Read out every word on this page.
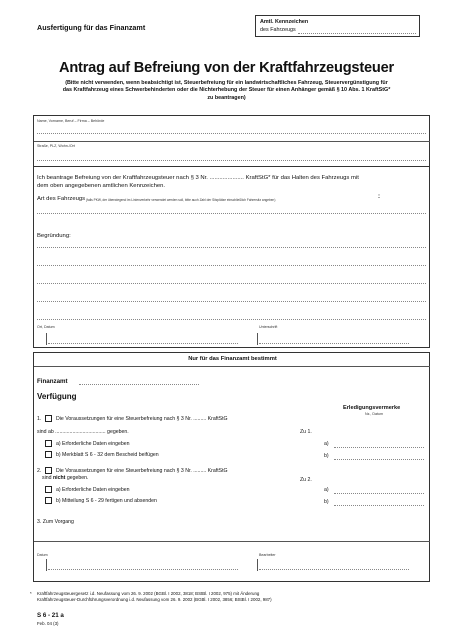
Ausfertigung für das Finanzamt
Amtl. Kennzeichen
des Fahrzeugs
Antrag auf Befreiung von der Kraftfahrzeugsteuer
(Bitte nicht verwenden, wenn beabsichtigt ist, Steuerbefreiung für ein landwirtschaftliches Fahrzeug, Steuervergünstigung für das Kraftfahrzeug eines Schwerbehinderten oder die Nichterhebung der Steuer für einen Anhänger gemäß § 10 Abs. 1 KraftStG* zu beantragen)
Name, Vorname, Beruf – Firma – Behörde
Straße, PLZ, Wohn-/Ort
Ich beantrage Befreiung von der Kraftfahrzeugsteuer nach § 3 Nr. ..................... KraftStG* für das Halten des Fahrzeugs mit
dem oben angegebenen amtlichen Kennzeichen.
Art des Fahrzeugs (falls PKW, der überwiegend im Linienverkehr verwendet werden soll, bitte auch Zahl der Sitzplätze einschließlich Fahrersitz angeben)	:
Begründung:
Ort, Datum	Unterschrift
Nur für das Finanzamt bestimmt
Finanzamt
Verfügung
Erledigungsvermerke
Nz., Datum
1.	Die Voraussetzungen für eine Steuerbefreiung nach § 3 Nr. ......... KraftStG
sind ab ................................... gegeben.	Zu 1.
a) Erforderliche Daten eingeben	a)
b) Merkblatt S 6 - 32 dem Bescheid beifügen	b)
2.	Die Voraussetzungen für eine Steuerbefreiung nach § 3 Nr. ......... KraftStG
sind nicht gegeben.	Zu 2.
a) Erforderliche Daten eingeben	a)
b) Mitteilung S 6 - 29 fertigen und absenden	b)
3. Zum Vorgang
Datum	Bearbeiter
* Kraftfahrzeugsteuergesetz i.d. Neufassung vom 26. 9. 2002 (BGBl. I 2002, 3818; BStBl. I 2002, 975) mit Änderung
Kraftfahrzeugsteuer-Durchführungsverordnung i.d. Neufassung vom 26. 9. 2002 (BGBl. I 2002, 3856; BStBl. I 2002, 987)
S 6 - 21 a
Feb. 04 (3)
